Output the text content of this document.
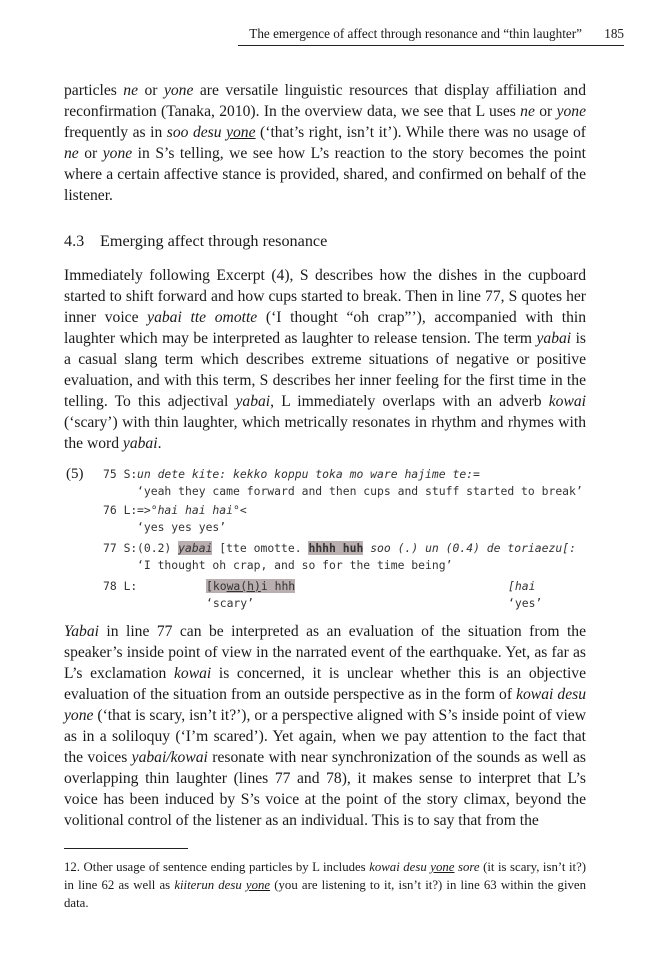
The emergence of affect through resonance and “thin laughter” 185

particles ne or yone are versatile linguistic resources that display affiliation and reconfirmation (Tanaka, 2010). In the overview data, we see that L uses ne or yone frequently as in soo desu yone (‘that’s right, isn’t it’). While there was no usage of ne or yone in S’s telling, we see how L’s reaction to the story becomes the point where a certain affective stance is provided, shared, and confirmed on behalf of the listener.

4.3 Emerging affect through resonance

Immediately following Excerpt (4), S describes how the dishes in the cupboard started to shift forward and how cups started to break. Then in line 77, S quotes her inner voice yabai tte omotte (‘I thought “oh crap”’), accompanied with thin laughter which may be interpreted as laughter to release tension. The term yabai is a casual slang term which describes extreme situations of negative or positive evaluation, and with this term, S describes her inner feeling for the first time in the telling. To this adjectival yabai, L immediately overlaps with an adverb kowai (‘scary’) with thin laughter, which metrically resonates in rhythm and rhymes with the word yabai.

(5) 75 S: un dete kite: kekko koppu toka mo ware hajime te:=
‘yeah they came forward and then cups and stuff started to break’
76 L: =>°hai hai hai°<
‘yes yes yes’
77 S: (0.2) yabai [tte omotte. hhhh huh soo (.) un (0.4) de toriaezu[:
‘I thought oh crap, and so for the time being’
78 L:	[kowa(h)i hhh	[hai
‘scary’	‘yes’

Yabai in line 77 can be interpreted as an evaluation of the situation from the speaker’s inside point of view in the narrated event of the earthquake. Yet, as far as L’s exclamation kowai is concerned, it is unclear whether this is an objective evaluation of the situation from an outside perspective as in the form of kowai desu yone (‘that is scary, isn’t it?’), or a perspective aligned with S’s inside point of view as in a soliloquy (‘I’m scared’). Yet again, when we pay attention to the fact that the voices yabai/kowai resonate with near synchronization of the sounds as well as overlapping thin laughter (lines 77 and 78), it makes sense to interpret that L’s voice has been induced by S’s voice at the point of the story climax, beyond the volitional control of the listener as an individual. This is to say that from the

12. Other usage of sentence ending particles by L includes kowai desu yone sore (it is scary, isn’t it?) in line 62 as well as kiiterun desu yone (you are listening to it, isn’t it?) in line 63 within the given data.
